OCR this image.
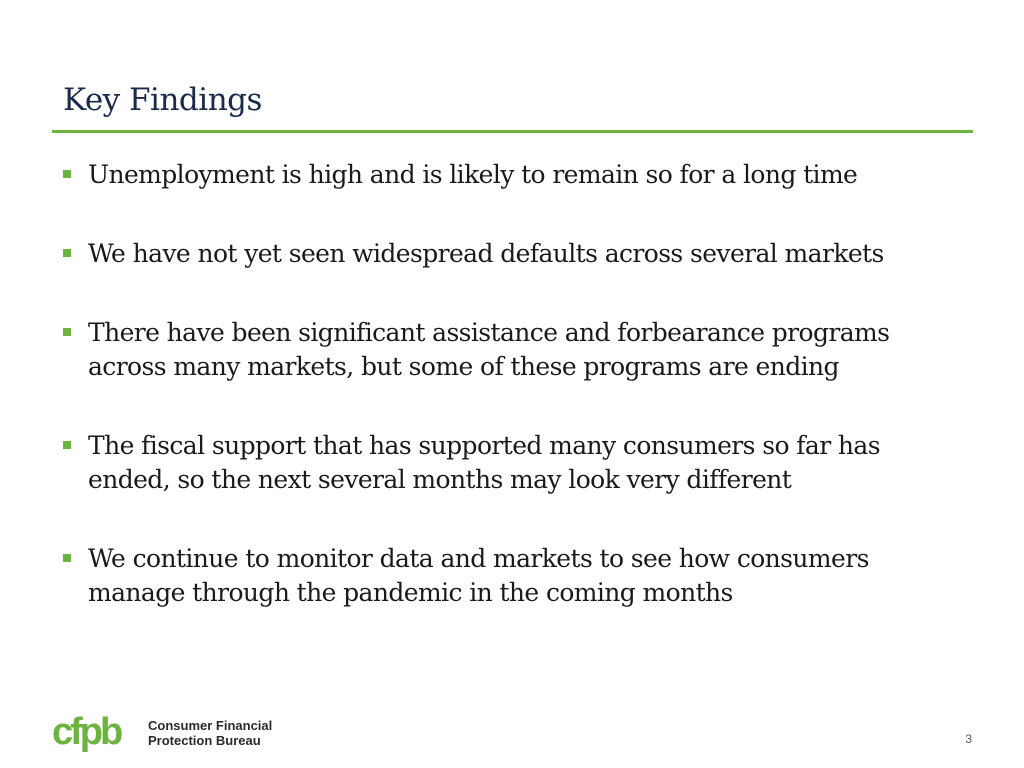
Key Findings
Unemployment is high and is likely to remain so for a long time
We have not yet seen widespread defaults across several markets
There have been significant assistance and forbearance programs across many markets, but some of these programs are ending
The fiscal support that has supported many consumers so far has ended, so the next several months may look very different
We continue to monitor data and markets to see how consumers manage through the pandemic in the coming months
cfpb Consumer Financial
Protection Bureau	3
